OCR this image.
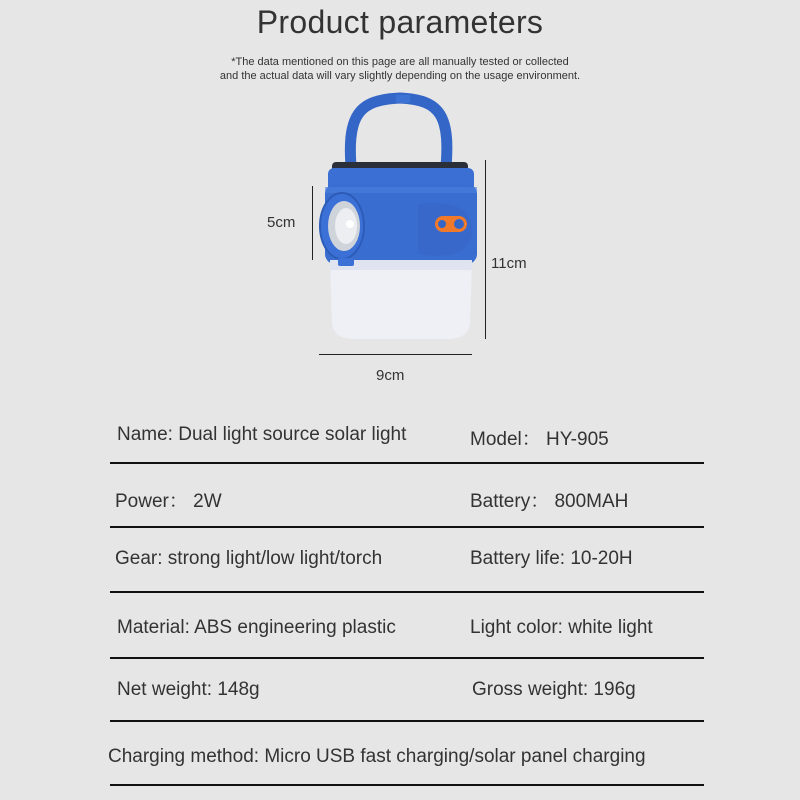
Product parameters
*The data mentioned on this page are all manually tested or collected
and the actual data will vary slightly depending on the usage environment.
5cm
11cm
9cm
Name: Dual light source solar light	Model： HY-905
Power： 2W	Battery： 800MAH
Gear: strong light/low light/torch	Battery life: 10-20H
Material: ABS engineering plastic	Light color: white light
Net weight: 148g	Gross weight: 196g
Charging method: Micro USB fast charging/solar panel charging
